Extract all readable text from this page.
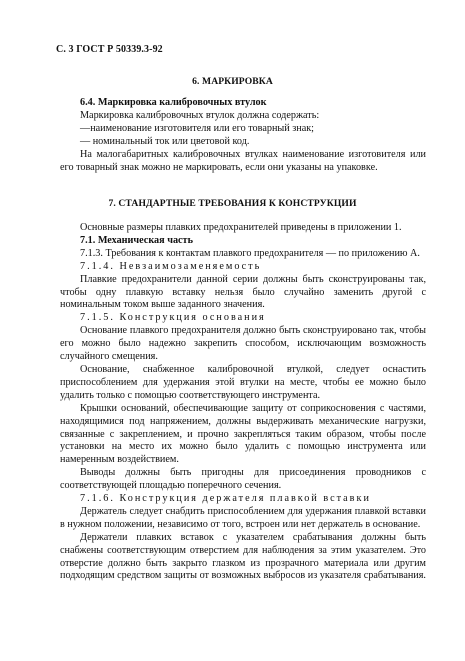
С. 3 ГОСТ Р 50339.3-92
6. МАРКИРОВКА

6.4. Маркировка калибровочных втулок

Маркировка калибровочных втулок должна содержать:

—наименование изготовителя или его товарный знак;

— номинальный ток или цветовой код.

На малогабаритных калибровочных втулках наименование изготовителя или его товарный знак можно не маркировать, если они указаны на упаковке.

7. СТАНДАРТНЫЕ ТРЕБОВАНИЯ К КОНСТРУКЦИИ

Основные размеры плавких предохранителей приведены в приложении 1.

7.1. Механическая часть

7.1.3. Требования к контактам плавкого предохранителя — по приложению А.

7.1.4. Невзаимозаменяемость

Плавкие предохранители данной серии должны быть сконструированы так, чтобы одну плавкую вставку нельзя было случайно заменить другой с номинальным током выше заданного значения.

7.1.5. Конструкция основания

Основание плавкого предохранителя должно быть сконструировано так, чтобы его можно было надежно закрепить способом, исключающим возможность случайного смещения.

Основание, снабженное калибровочной втулкой, следует оснастить приспособлением для удержания этой втулки на месте, чтобы ее можно было удалить только с помощью соответствующего инструмента.

Крышки оснований, обеспечивающие защиту от соприкосновения с частями, находящимися под напряжением, должны выдерживать механические нагрузки, связанные с закреплением, и прочно закрепляться таким образом, чтобы после установки на место их можно было удалить с помощью инструмента или намеренным воздействием.

Выводы должны быть пригодны для присоединения проводников с соответствующей площадью поперечного сечения.

7.1.6. Конструкция держателя плавкой вставки

Держатель следует снабдить приспособлением для удержания плавкой вставки в нужном положении, независимо от того, встроен или нет держатель в основание.

Держатели плавких вставок с указателем срабатывания должны быть снабжены соответствующим отверстием для наблюдения за этим указателем. Это отверстие должно быть закрыто глазком из прозрачного материала или другим подходящим средством защиты от возможных выбросов из указателя срабатывания.
